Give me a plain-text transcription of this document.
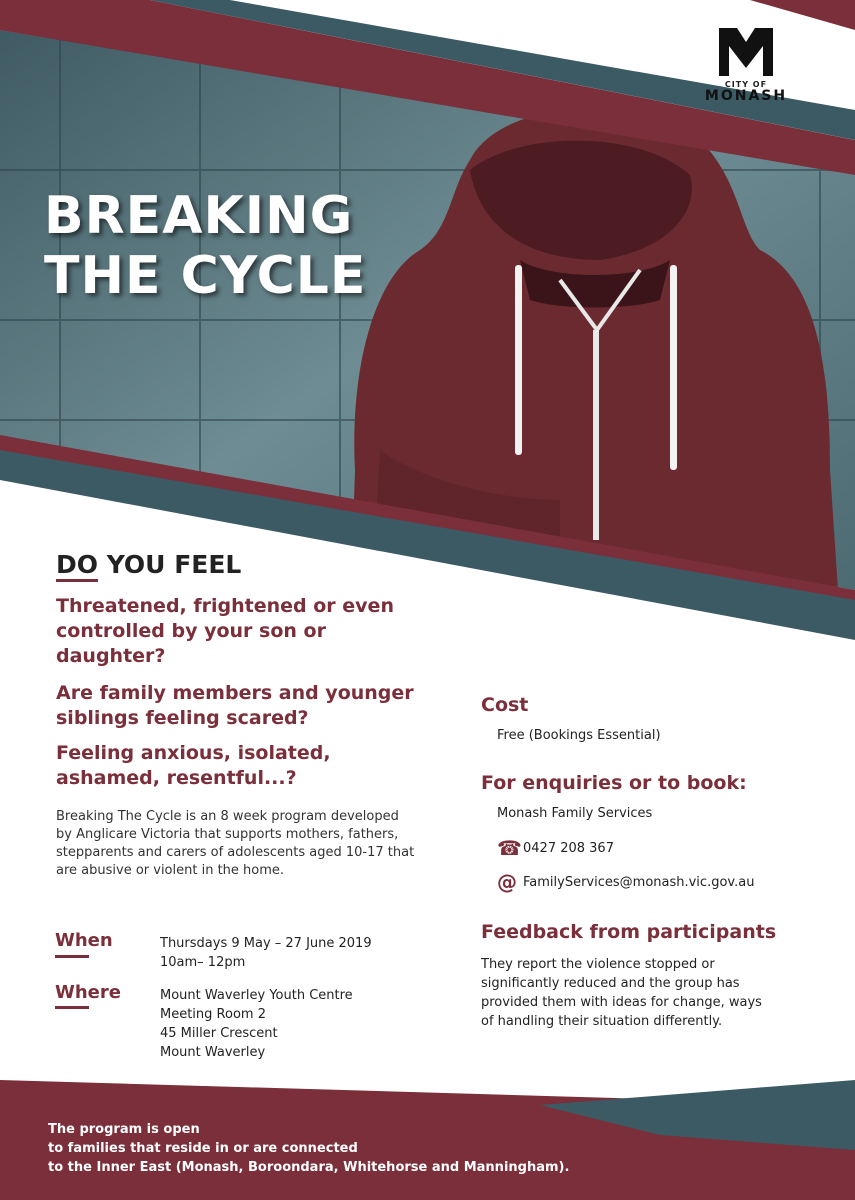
CITY OF
MONASH
BREAKING
THE CYCLE
DO YOU FEEL
Threatened, frightened or even controlled by your son or daughter?
Are family members and younger siblings feeling scared?
Feeling anxious, isolated, ashamed, resentful...?
Breaking The Cycle is an 8 week program developed by Anglicare Victoria that supports mothers, fathers, stepparents and carers of adolescents aged 10-17 that are abusive or violent in the home.
When	Thursdays 9 May – 27 June 2019
10am– 12pm
Where	Mount Waverley Youth Centre
Meeting Room 2
45 Miller Crescent
Mount Waverley
Cost
Free (Bookings Essential)
For enquiries or to book:
Monash Family Services
☎ 0427 208 367
@ FamilyServices@monash.vic.gov.au
Feedback from participants
They report the violence stopped or significantly reduced and the group has provided them with ideas for change, ways of handling their situation differently.
The program is open
to families that reside in or are connected
to the Inner East (Monash, Boroondara, Whitehorse and Manningham).
